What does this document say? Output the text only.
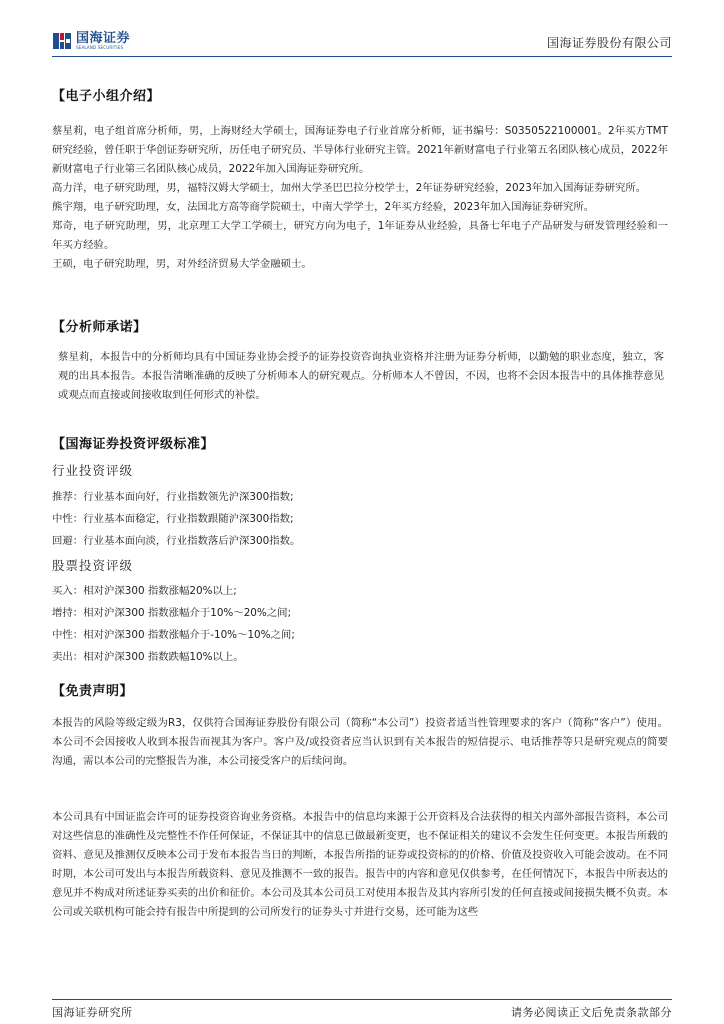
国海证券
SEALAND SECURITIES	国海证券股份有限公司
【电子小组介绍】

蔡星莉，电子组首席分析师，男，上海财经大学硕士，国海证券电子行业首席分析师，证书编号：S0350522100001。2年买方TMT研究经验，曾任职于华创证券研究所，历任电子研究员、半导体行业研究主管。2021年新财富电子行业第五名团队核心成员，2022年新财富电子行业第三名团队核心成员，2022年加入国海证券研究所。

高力洋，电子研究助理，男，福特汉姆大学硕士，加州大学圣巴巴拉分校学士，2年证券研究经验，2023年加入国海证券研究所。

熊宇翔，电子研究助理，女，法国北方高等商学院硕士，中南大学学士，2年买方经验，2023年加入国海证券研究所。

郑奇，电子研究助理，男，北京理工大学工学硕士，研究方向为电子，1年证券从业经验，具备七年电子产品研发与研发管理经验和一年买方经验。

王硕，电子研究助理，男，对外经济贸易大学金融硕士。

【分析师承诺】

蔡星莉，本报告中的分析师均具有中国证券业协会授予的证券投资咨询执业资格并注册为证券分析师，以勤勉的职业态度，独立，客观的出具本报告。本报告清晰准确的反映了分析师本人的研究观点。分析师本人不曾因，不因，也将不会因本报告中的具体推荐意见或观点而直接或间接收取到任何形式的补偿。

【国海证券投资评级标准】
行业投资评级
推荐：行业基本面向好，行业指数领先沪深300指数;
中性：行业基本面稳定，行业指数跟随沪深300指数;
回避：行业基本面向淡，行业指数落后沪深300指数。
股票投资评级
买入：相对沪深300 指数涨幅20%以上;
增持：相对沪深300 指数涨幅介于10%～20%之间;
中性：相对沪深300 指数涨幅介于-10%～10%之间;
卖出：相对沪深300 指数跌幅10%以上。
【免责声明】

本报告的风险等级定级为R3，仅供符合国海证券股份有限公司（简称“本公司”）投资者适当性管理要求的客户（简称“客户”）使用。本公司不会因接收人收到本报告而视其为客户。客户及/或投资者应当认识到有关本报告的短信提示、电话推荐等只是研究观点的简要沟通，需以本公司的完整报告为准，本公司接受客户的后续问询。

本公司具有中国证监会许可的证券投资咨询业务资格。本报告中的信息均来源于公开资料及合法获得的相关内部外部报告资料，本公司对这些信息的准确性及完整性不作任何保证，不保证其中的信息已做最新变更，也不保证相关的建议不会发生任何变更。本报告所载的资料、意见及推测仅反映本公司于发布本报告当日的判断，本报告所指的证券或投资标的的价格、价值及投资收入可能会波动。在不同时期，本公司可发出与本报告所载资料、意见及推测不一致的报告。报告中的内容和意见仅供参考，在任何情况下，本报告中所表达的意见并不构成对所述证券买卖的出价和征价。本公司及其本公司员工对使用本报告及其内容所引发的任何直接或间接损失概不负责。本公司或关联机构可能会持有报告中所提到的公司所发行的证券头寸并进行交易，还可能为这些

国海证券研究所	请务必阅读正文后免责条款部分
